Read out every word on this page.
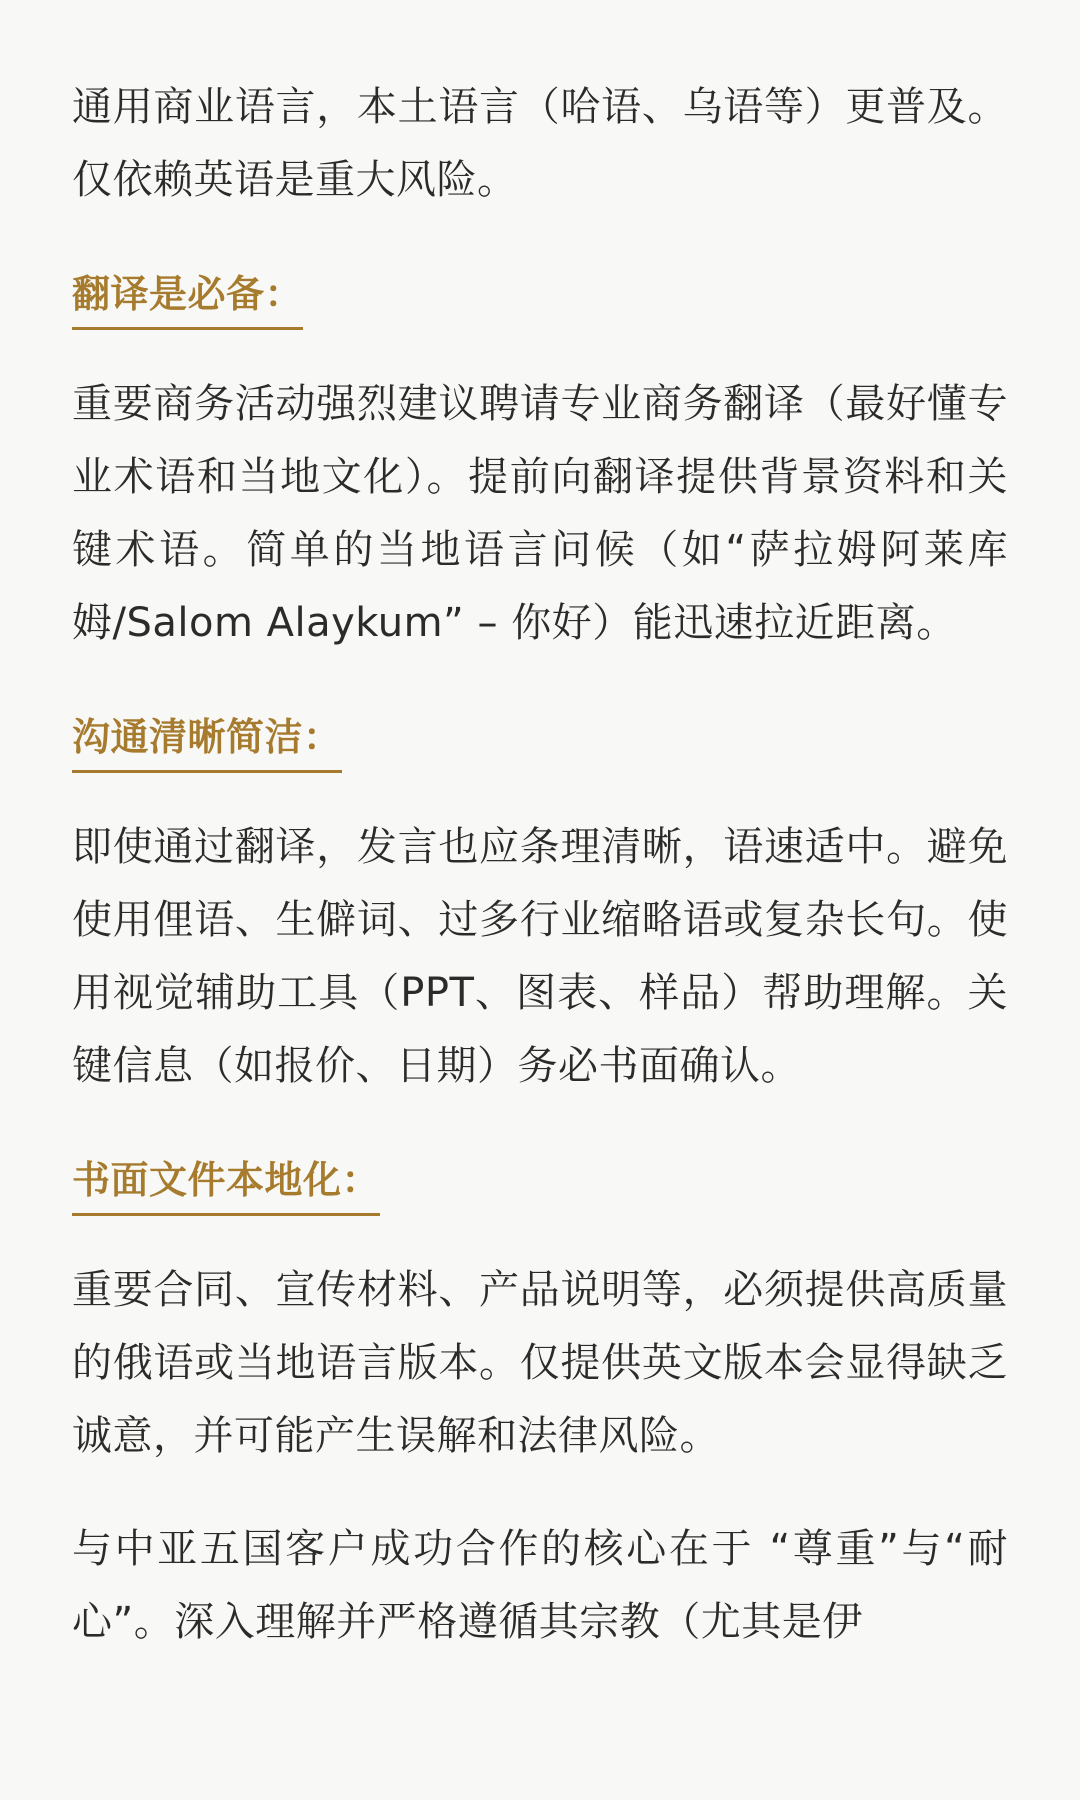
通用商业语言，本土语言（哈语、乌语等）更普及。仅依赖英语是重大风险。

翻译是必备：

重要商务活动强烈建议聘请专业商务翻译（最好懂专业术语和当地文化）。提前向翻译提供背景资料和关键术语。简单的当地语言问候（如“萨拉姆阿莱库姆/Salom Alaykum” – 你好）能迅速拉近距离。

沟通清晰简洁：

即使通过翻译，发言也应条理清晰，语速适中。避免使用俚语、生僻词、过多行业缩略语或复杂长句。使用视觉辅助工具（PPT、图表、样品）帮助理解。关键信息（如报价、日期）务必书面确认。

书面文件本地化：

重要合同、宣传材料、产品说明等，必须提供高质量的俄语或当地语言版本。仅提供英文版本会显得缺乏诚意，并可能产生误解和法律风险。

与中亚五国客户成功合作的核心在于 “尊重”与“耐心”。深入理解并严格遵循其宗教（尤其是伊
